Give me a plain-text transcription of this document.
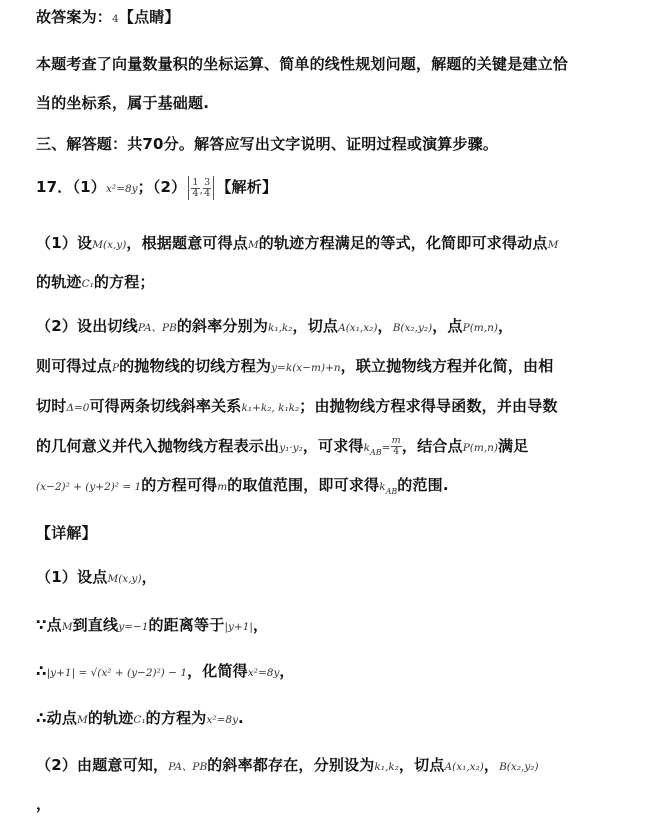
故答案为：4【点睛】
本题考查了向量数量积的坐标运算、简单的线性规划问题，解题的关键是建立恰
当的坐标系，属于基础题.
三、解答题：共70分。解答应写出文字说明、证明过程或演算步骤。
17．（1）x²=8y；$(2) \frac{1}{4}$ , $\frac{3}{4}$ 【解析】
（1）设M(x,y)，根据题意可得点M的轨迹方程满足的等式，化简即可求得动点M
的轨迹C₁的方程；
（2）设出切线PA、PB的斜率分别为k₁,k₂，切点A(x₁,x₂)，B(x₂,y₂)，点P(m,n)，
则可得过点P的抛物线的切线方程为y=k(x−m)+n，联立抛物线方程并化简，由相
切时Δ=0可得两条切线斜率关系k₁+k₂, k₁k₂；由抛物线方程求得导函数，并由导数
的几何意义并代入抛物线方程表示出y₁·y₂，可求得$k_{AB}= \frac{m}{4}$ ，结合点P(m,n)满足
(x−2)² + (y+2)² = 1的方程可得m的取值范围，即可求得$k_{AB}$的范围.
【详解】
（1）设点M(x,y)，
∵点M到直线y=−1的距离等于|y+1|，
∴|y+1| = √(x² + (y−2)²) − 1，化简得x²=8y，
∴动点M的轨迹C₁的方程为x²=8y.
（2）由题意可知，PA、PB的斜率都存在，分别设为k₁,k₂，切点A(x₁,x₂)，B(x₂,y₂)
，
